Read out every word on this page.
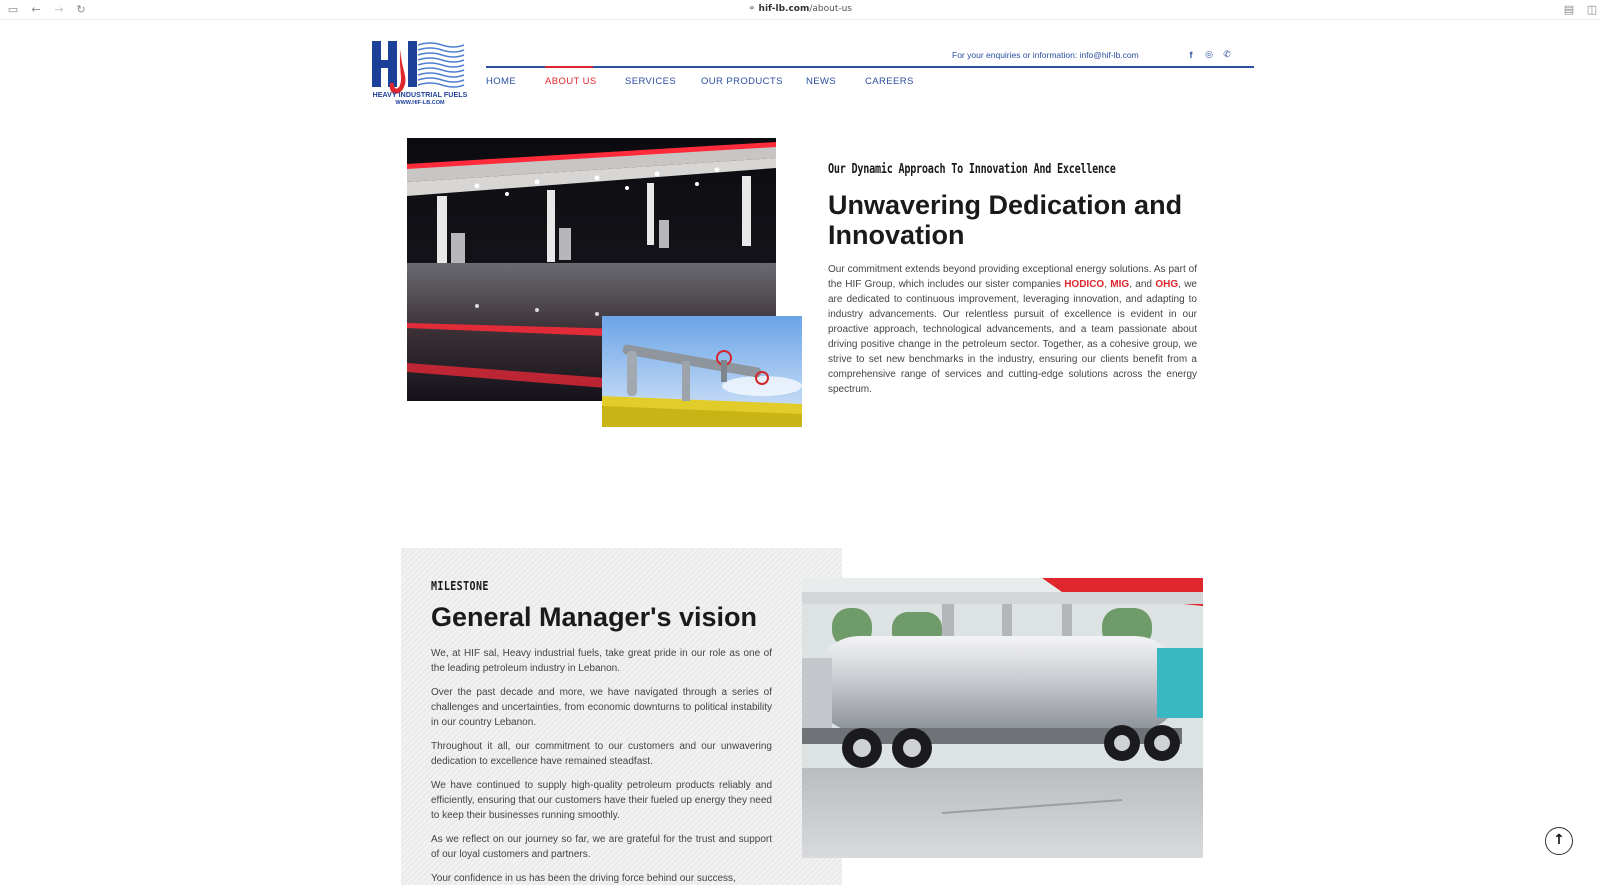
▭ ← → ↻	⚭ hif-lb.com/about-us	▤ ◫
HEAVY INDUSTRIAL FUELS
WWW.HIF-LB.COM
For your enquiries or information: info@hif-lb.com	f	◎ ✆
HOME	ABOUT US	SERVICES	OUR PRODUCTS NEWS	CAREERS
Our Dynamic Approach To Innovation And Excellence
Unwavering Dedication and Innovation

Our commitment extends beyond providing exceptional energy solutions. As part of the HIF Group, which includes our sister companies HODICO, MIG, and OHG, we are dedicated to continuous improvement, leveraging innovation, and adapting to industry advancements. Our relentless pursuit of excellence is evident in our proactive approach, technological advancements, and a team passionate about driving positive change in the petroleum sector. Together, as a cohesive group, we strive to set new benchmarks in the industry, ensuring our clients benefit from a comprehensive range of services and cutting-edge solutions across the energy spectrum.

MILESTONE
General Manager's vision

We, at HIF sal, Heavy industrial fuels, take great pride in our role as one of the leading petroleum industry in Lebanon.

Over the past decade and more, we have navigated through a series of challenges and uncertainties, from economic downturns to political instability in our country Lebanon.

Throughout it all, our commitment to our customers and our unwavering dedication to excellence have remained steadfast.

We have continued to supply high-quality petroleum products reliably and efficiently, ensuring that our customers have their fueled up energy they need to keep their businesses running smoothly.

As we reflect on our journey so far, we are grateful for the trust and support of our loyal customers and partners.

Your confidence in us has been the driving force behind our success,

↑
